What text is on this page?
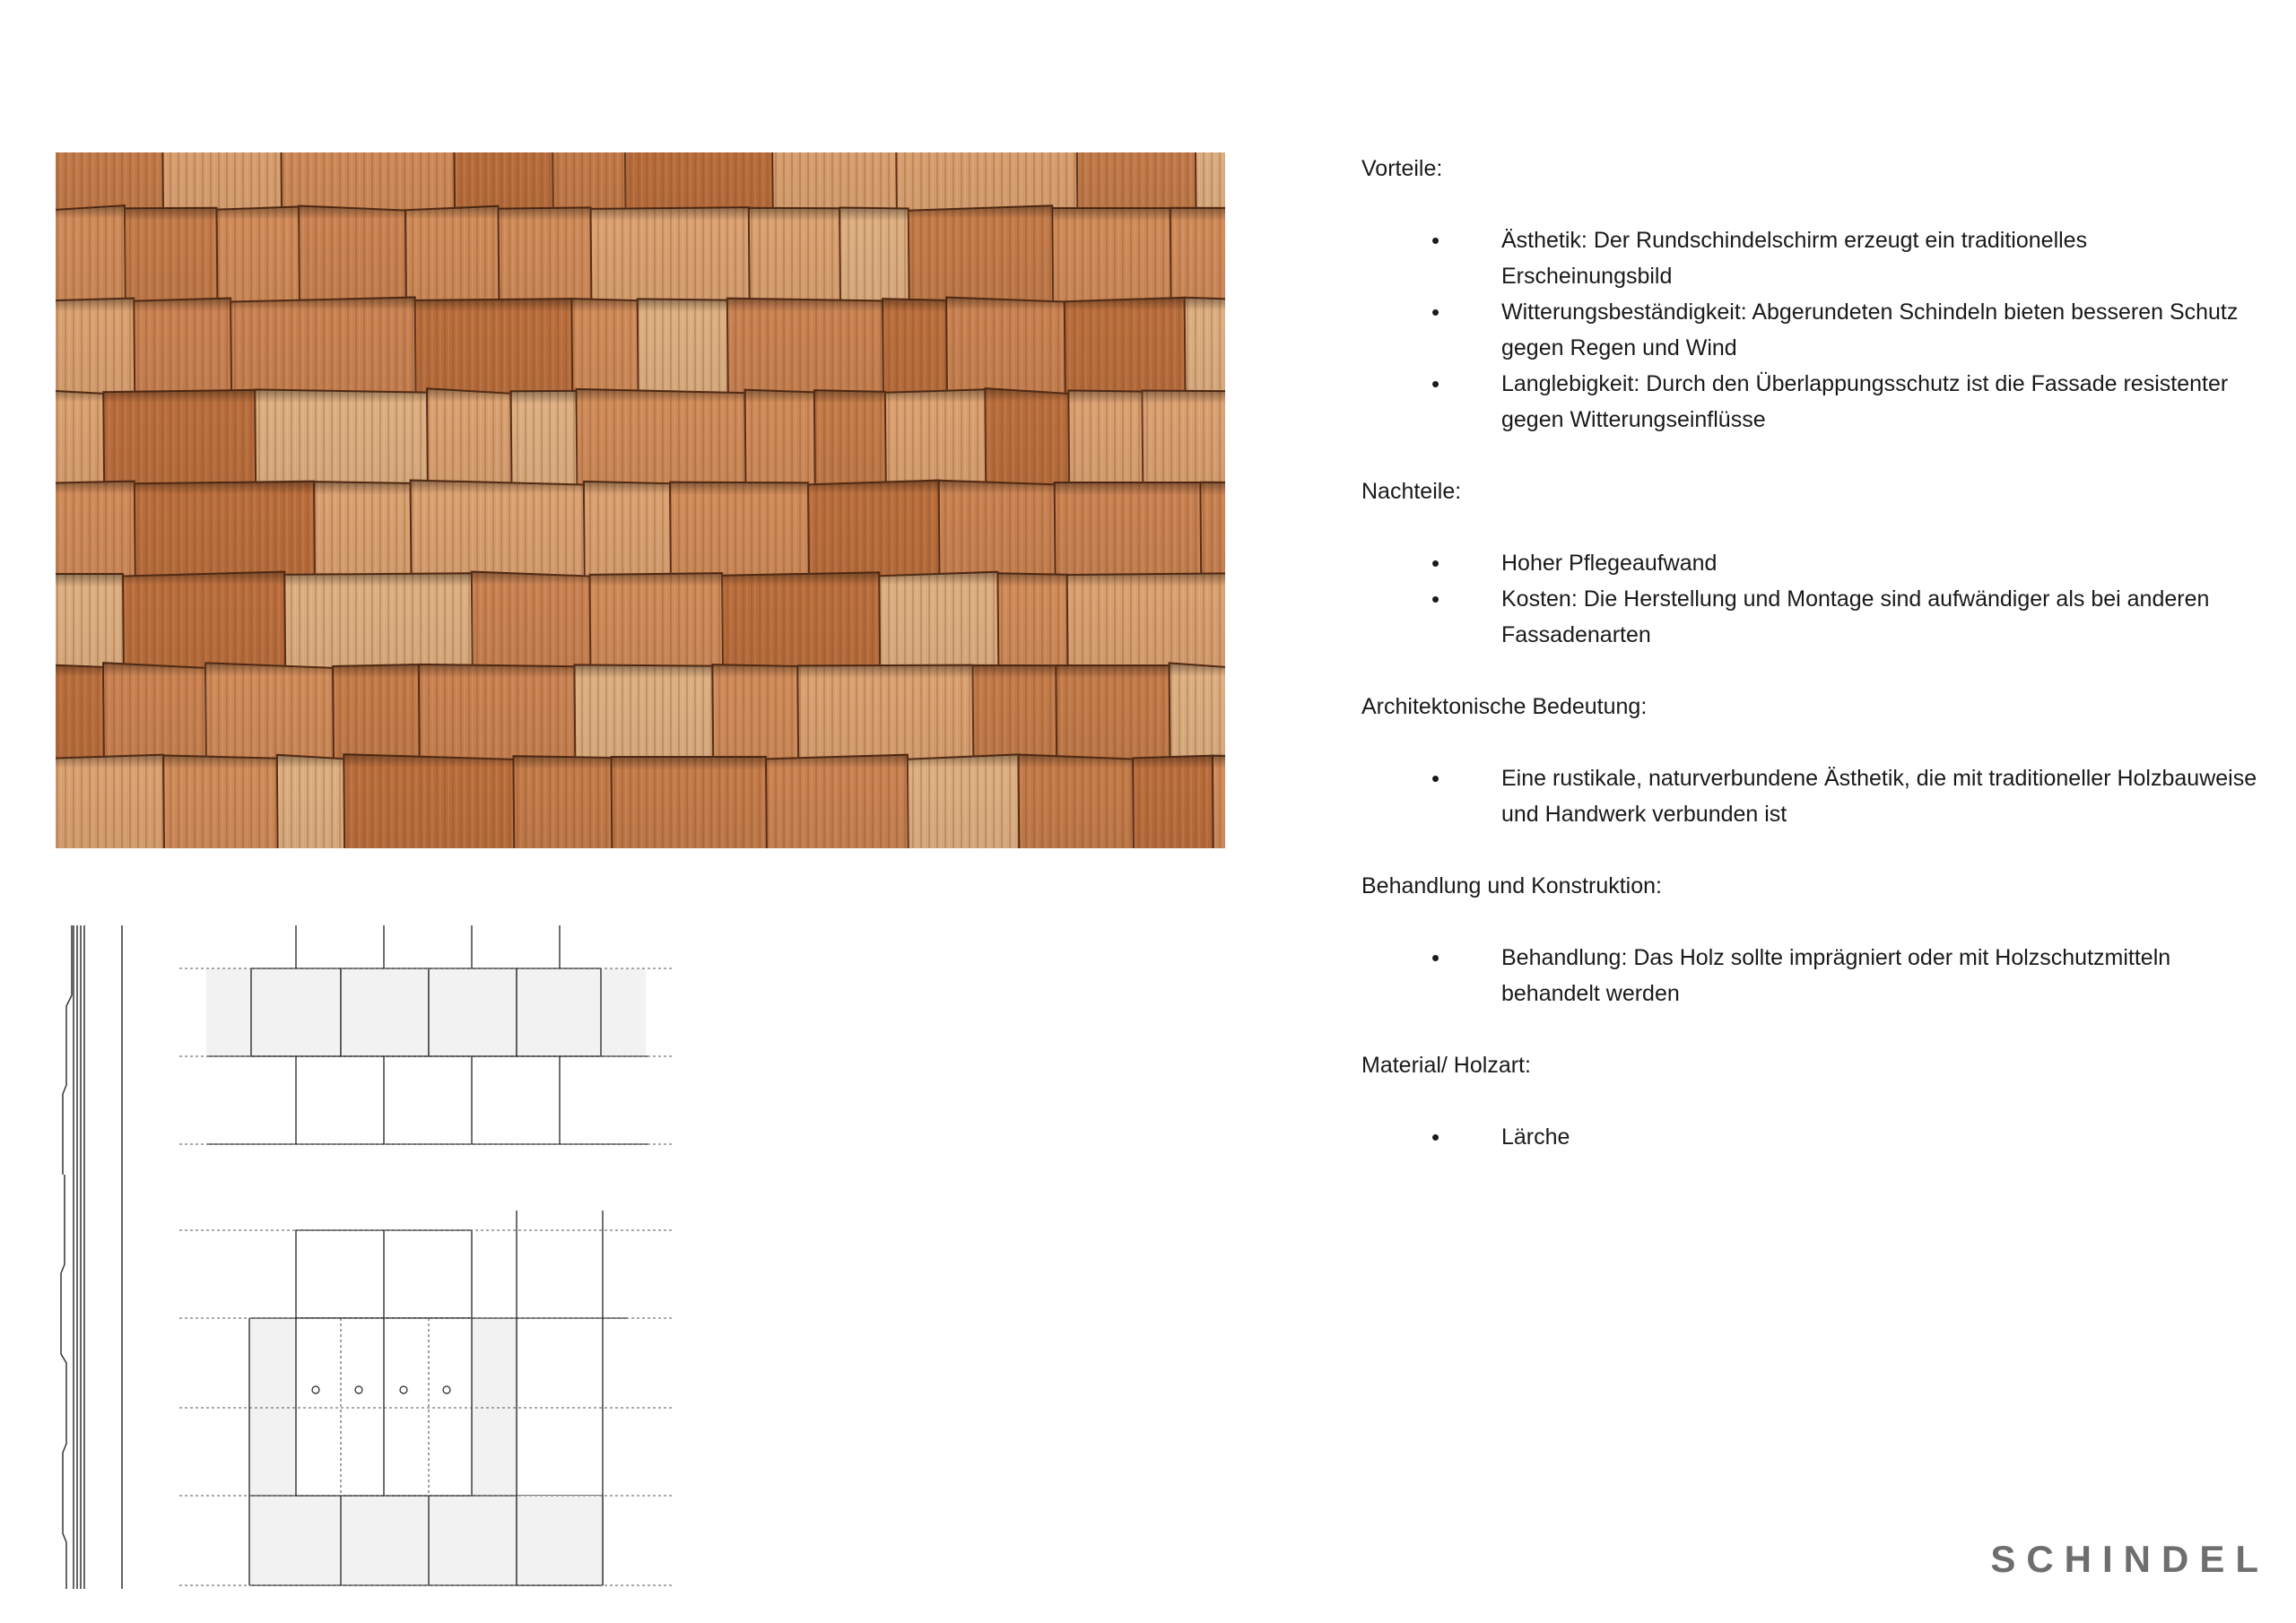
Vorteile:

• Ästhetik: Der Rundschindelschirm erzeugt ein traditionelles Erscheinungsbild
• Witterungsbeständigkeit: Abgerundeten Schindeln bieten besseren Schutz gegen Regen und Wind
• Langlebigkeit: Durch den Überlappungsschutz ist die Fassade resistenter gegen Witterungseinflüsse

Nachteile:

• Hoher Pflegeaufwand
• Kosten: Die Herstellung und Montage sind aufwändiger als bei anderen Fassadenarten

Architektonische Bedeutung:

• Eine rustikale, naturverbundene Ästhetik, die mit traditioneller Holzbauweise und Handwerk verbunden ist

Behandlung und Konstruktion:

• Behandlung: Das Holz sollte imprägniert oder mit Holzschutzmitteln behandelt werden

Material/ Holzart:

• Lärche
SCHINDEL
